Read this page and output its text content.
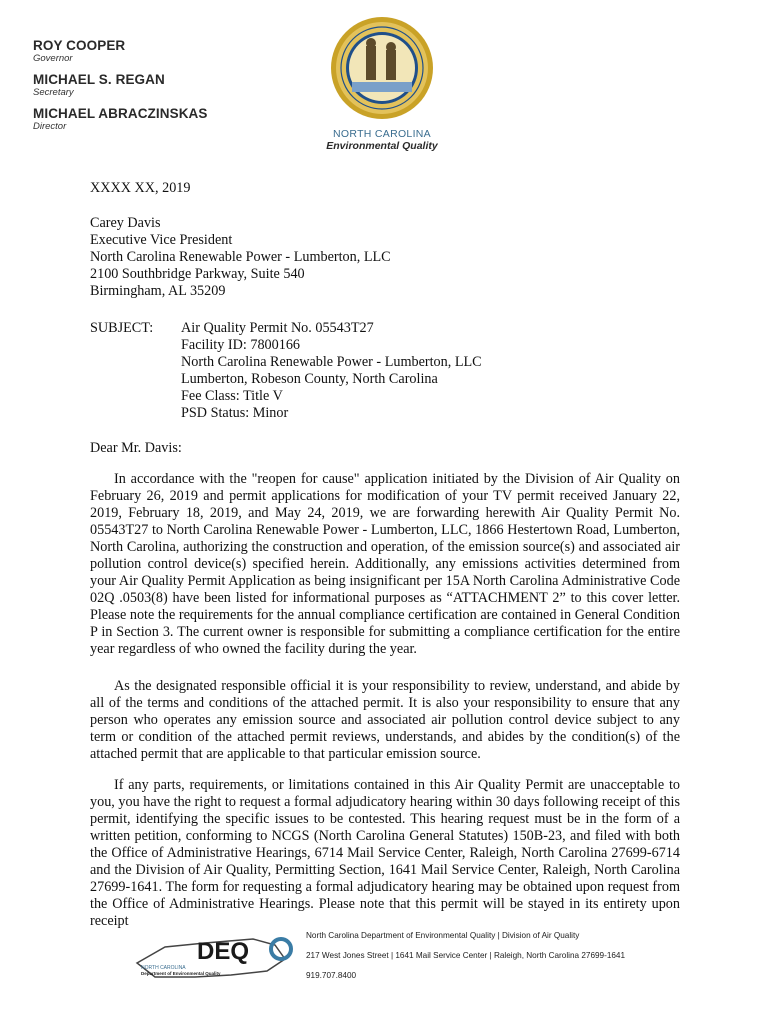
ROY COOPER
Governor
MICHAEL S. REGAN
Secretary
MICHAEL ABRACZINSKAS
Director
NORTH CAROLINA
Environmental Quality
XXXX XX, 2019
Carey Davis
Executive Vice President
North Carolina Renewable Power - Lumberton, LLC
2100 Southbridge Parkway, Suite 540
Birmingham, AL 35209
SUBJECT:	Air Quality Permit No. 05543T27
Facility ID: 7800166
North Carolina Renewable Power - Lumberton, LLC
Lumberton, Robeson County, North Carolina
Fee Class: Title V
PSD Status: Minor
Dear Mr. Davis:
In accordance with the "reopen for cause" application initiated by the Division of Air Quality on February 26, 2019 and permit applications for modification of your TV permit received January 22, 2019, February 18, 2019, and May 24, 2019, we are forwarding herewith Air Quality Permit No. 05543T27 to North Carolina Renewable Power - Lumberton, LLC, 1866 Hestertown Road, Lumberton, North Carolina, authorizing the construction and operation, of the emission source(s) and associated air pollution control device(s) specified herein. Additionally, any emissions activities determined from your Air Quality Permit Application as being insignificant per 15A North Carolina Administrative Code 02Q .0503(8) have been listed for informational purposes as “ATTACHMENT 2” to this cover letter. Please note the requirements for the annual compliance certification are contained in General Condition P in Section 3. The current owner is responsible for submitting a compliance certification for the entire year regardless of who owned the facility during the year.
As the designated responsible official it is your responsibility to review, understand, and abide by all of the terms and conditions of the attached permit. It is also your responsibility to ensure that any person who operates any emission source and associated air pollution control device subject to any term or condition of the attached permit reviews, understands, and abides by the condition(s) of the attached permit that are applicable to that particular emission source.
If any parts, requirements, or limitations contained in this Air Quality Permit are unacceptable to you, you have the right to request a formal adjudicatory hearing within 30 days following receipt of this permit, identifying the specific issues to be contested. This hearing request must be in the form of a written petition, conforming to NCGS (North Carolina General Statutes) 150B-23, and filed with both the Office of Administrative Hearings, 6714 Mail Service Center, Raleigh, North Carolina 27699-6714 and the Division of Air Quality, Permitting Section, 1641 Mail Service Center, Raleigh, North Carolina 27699-1641. The form for requesting a formal adjudicatory hearing may be obtained upon request from the Office of Administrative Hearings. Please note that this permit will be stayed in its entirety upon receipt
DEQ
NORTH CAROLINA
Department of Environmental Quality
North Carolina Department of Environmental Quality | Division of Air Quality
217 West Jones Street | 1641 Mail Service Center | Raleigh, North Carolina 27699-1641
919.707.8400
